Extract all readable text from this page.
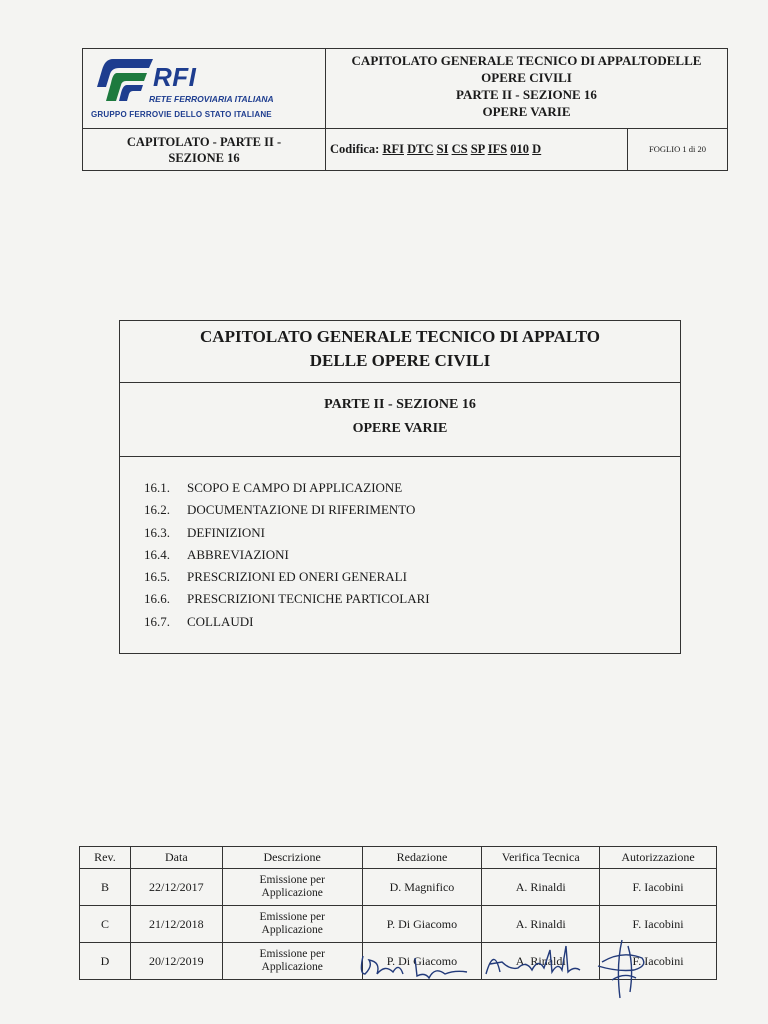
RFI
RETE FERROVIARIA ITALIANA
GRUPPO FERROVIE DELLO STATO ITALIANE
CAPITOLATO GENERALE TECNICO DI APPALTODELLE
OPERE CIVILI
PARTE II - SEZIONE 16
OPERE VARIE
CAPITOLATO - PARTE II -
SEZIONE 16
Codifica: RFI DTC SI CS SP IFS 010 D	FOGLIO 1 di 20
CAPITOLATO GENERALE TECNICO DI APPALTO
DELLE OPERE CIVILI
PARTE II - SEZIONE 16
OPERE VARIE
16.1. SCOPO E CAMPO DI APPLICAZIONE
16.2. DOCUMENTAZIONE DI RIFERIMENTO
16.3. DEFINIZIONI
16.4. ABBREVIAZIONI
16.5. PRESCRIZIONI ED ONERI GENERALI
16.6. PRESCRIZIONI TECNICHE PARTICOLARI
16.7. COLLAUDI
Rev.	Data	Descrizione	Redazione	Verifica Tecnica	Autorizzazione
B	22/12/2017	Emissione per
Applicazione	D. Magnifico	A. Rinaldi	F. Iacobini
C	21/12/2018	Emissione per
Applicazione	P. Di Giacomo	A. Rinaldi	F. Iacobini
D	20/12/2019	Emissione per
Applicazione	P. Di Giacomo	A. Rinaldi	F. Iacobini
